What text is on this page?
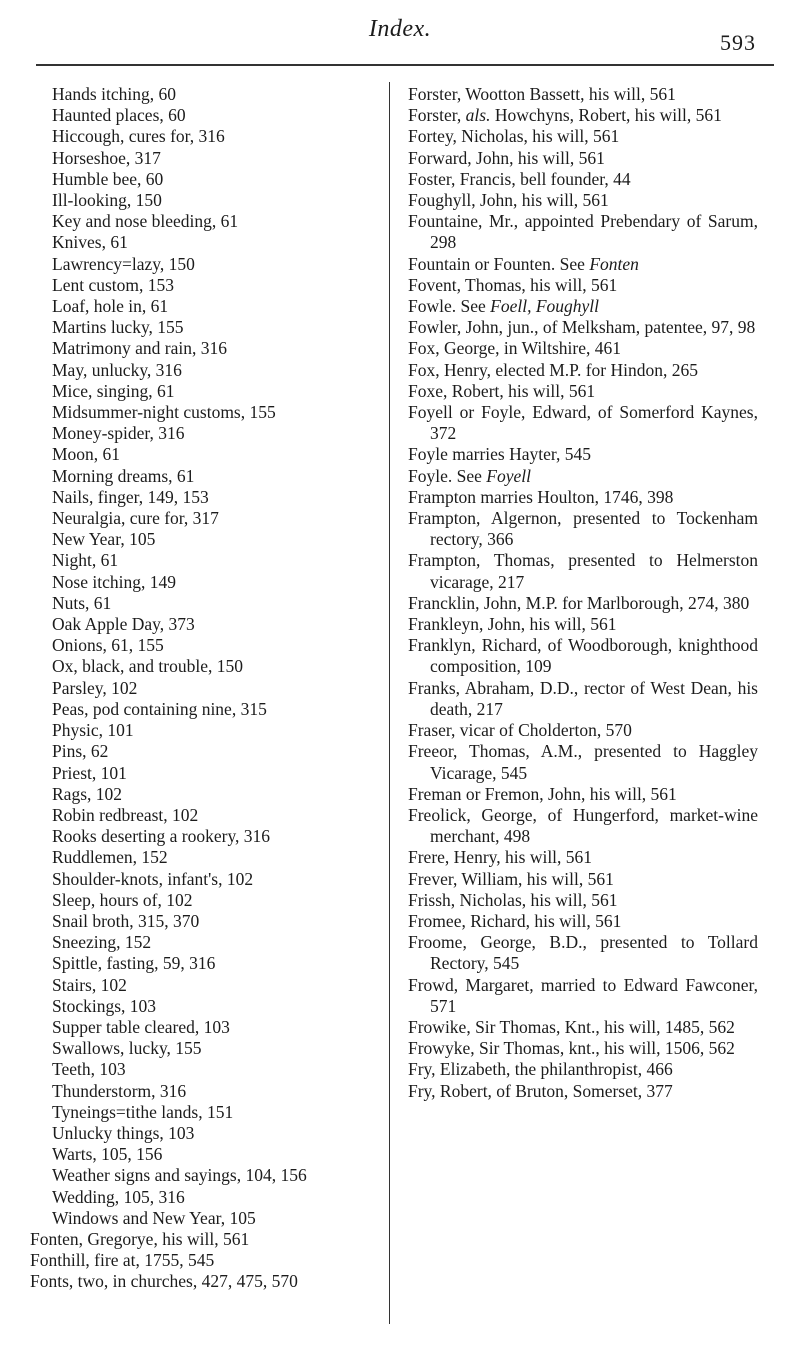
Index.
593
Hands itching, 60
Haunted places, 60
Hiccough, cures for, 316
Horseshoe, 317
Humble bee, 60
Ill-looking, 150
Key and nose bleeding, 61
Knives, 61
Lawrency=lazy, 150
Lent custom, 153
Loaf, hole in, 61
Martins lucky, 155
Matrimony and rain, 316
May, unlucky, 316
Mice, singing, 61
Midsummer-night customs, 155
Money-spider, 316
Moon, 61
Morning dreams, 61
Nails, finger, 149, 153
Neuralgia, cure for, 317
New Year, 105
Night, 61
Nose itching, 149
Nuts, 61
Oak Apple Day, 373
Onions, 61, 155
Ox, black, and trouble, 150
Parsley, 102
Peas, pod containing nine, 315
Physic, 101
Pins, 62
Priest, 101
Rags, 102
Robin redbreast, 102
Rooks deserting a rookery, 316
Ruddlemen, 152
Shoulder-knots, infant's, 102
Sleep, hours of, 102
Snail broth, 315, 370
Sneezing, 152
Spittle, fasting, 59, 316
Stairs, 102
Stockings, 103
Supper table cleared, 103
Swallows, lucky, 155
Teeth, 103
Thunderstorm, 316
Tyneings=tithe lands, 151
Unlucky things, 103
Warts, 105, 156
Weather signs and sayings, 104, 156
Wedding, 105, 316
Windows and New Year, 105
Fonten, Gregorye, his will, 561
Fonthill, fire at, 1755, 545
Fonts, two, in churches, 427, 475, 570
Forster, Wootton Bassett, his will, 561
Forster, als. Howchyns, Robert, his will, 561
Fortey, Nicholas, his will, 561
Forward, John, his will, 561
Foster, Francis, bell founder, 44
Foughyll, John, his will, 561
Fountaine, Mr., appointed Prebendary of Sarum, 298
Fountain or Founten. See Fonten
Fovent, Thomas, his will, 561
Fowle. See Foell, Foughyll
Fowler, John, jun., of Melksham, patentee, 97, 98
Fox, George, in Wiltshire, 461
Fox, Henry, elected M.P. for Hindon, 265
Foxe, Robert, his will, 561
Foyell or Foyle, Edward, of Somerford Kaynes, 372
Foyle marries Hayter, 545
Foyle. See Foyell
Frampton marries Houlton, 1746, 398
Frampton, Algernon, presented to Tockenham rectory, 366
Frampton, Thomas, presented to Helmerston vicarage, 217
Francklin, John, M.P. for Marlborough, 274, 380
Frankleyn, John, his will, 561
Franklyn, Richard, of Woodborough, knighthood composition, 109
Franks, Abraham, D.D., rector of West Dean, his death, 217
Fraser, vicar of Cholderton, 570
Freeor, Thomas, A.M., presented to Haggley Vicarage, 545
Freman or Fremon, John, his will, 561
Freolick, George, of Hungerford, market-wine merchant, 498
Frere, Henry, his will, 561
Frever, William, his will, 561
Frissh, Nicholas, his will, 561
Fromee, Richard, his will, 561
Froome, George, B.D., presented to Tollard Rectory, 545
Frowd, Margaret, married to Edward Fawconer, 571
Frowike, Sir Thomas, Knt., his will, 1485, 562
Frowyke, Sir Thomas, knt., his will, 1506, 562
Fry, Elizabeth, the philanthropist, 466
Fry, Robert, of Bruton, Somerset, 377
